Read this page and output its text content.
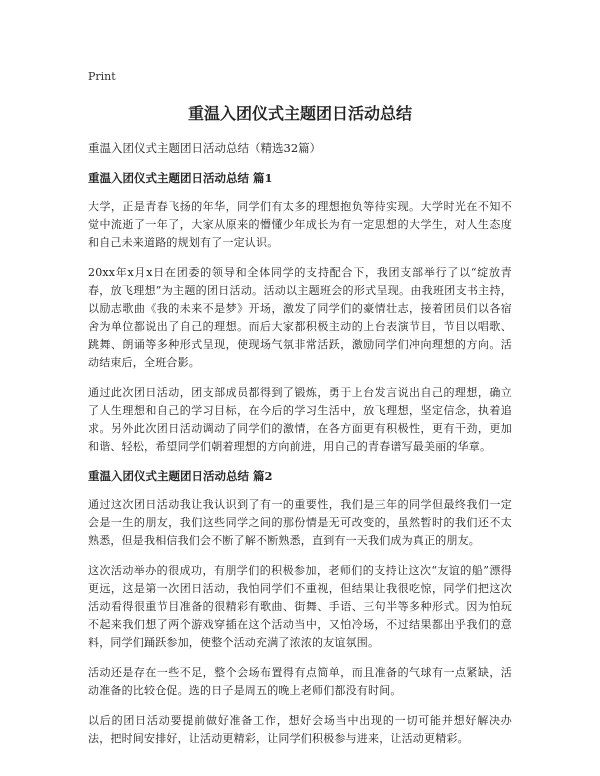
Print
重温入团仪式主题团日活动总结
重温入团仪式主题团日活动总结（精选32篇）
重温入团仪式主题团日活动总结 篇1

大学，正是青春飞扬的年华，同学们有太多的理想抱负等待实现。大学时光在不知不觉中流逝了一年了，大家从原来的懵懂少年成长为有一定思想的大学生，对人生态度和自己未来道路的规划有了一定认识。

20xx年x月x日在团委的领导和全体同学的支持配合下，我团支部举行了以“绽放青春，放飞理想”为主题的团日活动。活动以主题班会的形式呈现。由我班团支书主持，以励志歌曲《我的未来不是梦》开场，激发了同学们的豪情壮志，接着团员们以各宿舍为单位都说出了自己的理想。而后大家都积极主动的上台表演节目，节目以唱歌、跳舞、朗诵等多种形式呈现，使现场气氛非常活跃，激励同学们冲向理想的方向。活动结束后，全班合影。

通过此次团日活动，团支部成员都得到了锻炼，勇于上台发言说出自己的理想，确立了人生理想和自己的学习目标，在今后的学习生活中，放飞理想，坚定信念，执着追求。另外此次团日活动调动了同学们的激情，在各方面更有积极性，更有干劲，更加和谐、轻松，希望同学们朝着理想的方向前进，用自己的青春谱写最美丽的华章。

重温入团仪式主题团日活动总结 篇2

通过这次团日活动我让我认识到了有一的重要性，我们是三年的同学但最终我们一定会是一生的朋友，我们这些同学之间的那份情是无可改变的，虽然暂时的我们还不太熟悉，但是我相信我们会不断了解不断熟悉，直到有一天我们成为真正的朋友。

这次活动举办的很成功，有朋学们的积极参加，老师们的支持让这次“友谊的船”漂得更远，这是第一次团日活动，我怕同学们不重视，但结果让我很吃惊，同学们把这次活动看得很重节目准备的很精彩有歌曲、街舞、手语、三句半等多种形式。因为怕玩不起来我们想了两个游戏穿插在这个活动当中，又怕冷场，不过结果都出乎我们的意料，同学们踊跃参加，使整个活动充满了浓浓的友谊氛围。

活动还是存在一些不足，整个会场布置得有点简单，而且准备的气球有一点紧缺，活动准备的比较仓促。选的日子是周五的晚上老师们都没有时间。

以后的团日活动要提前做好准备工作，想好会场当中出现的一切可能并想好解决办法，把时间安排好，让活动更精彩，让同学们积极参与进来，让活动更精彩。
